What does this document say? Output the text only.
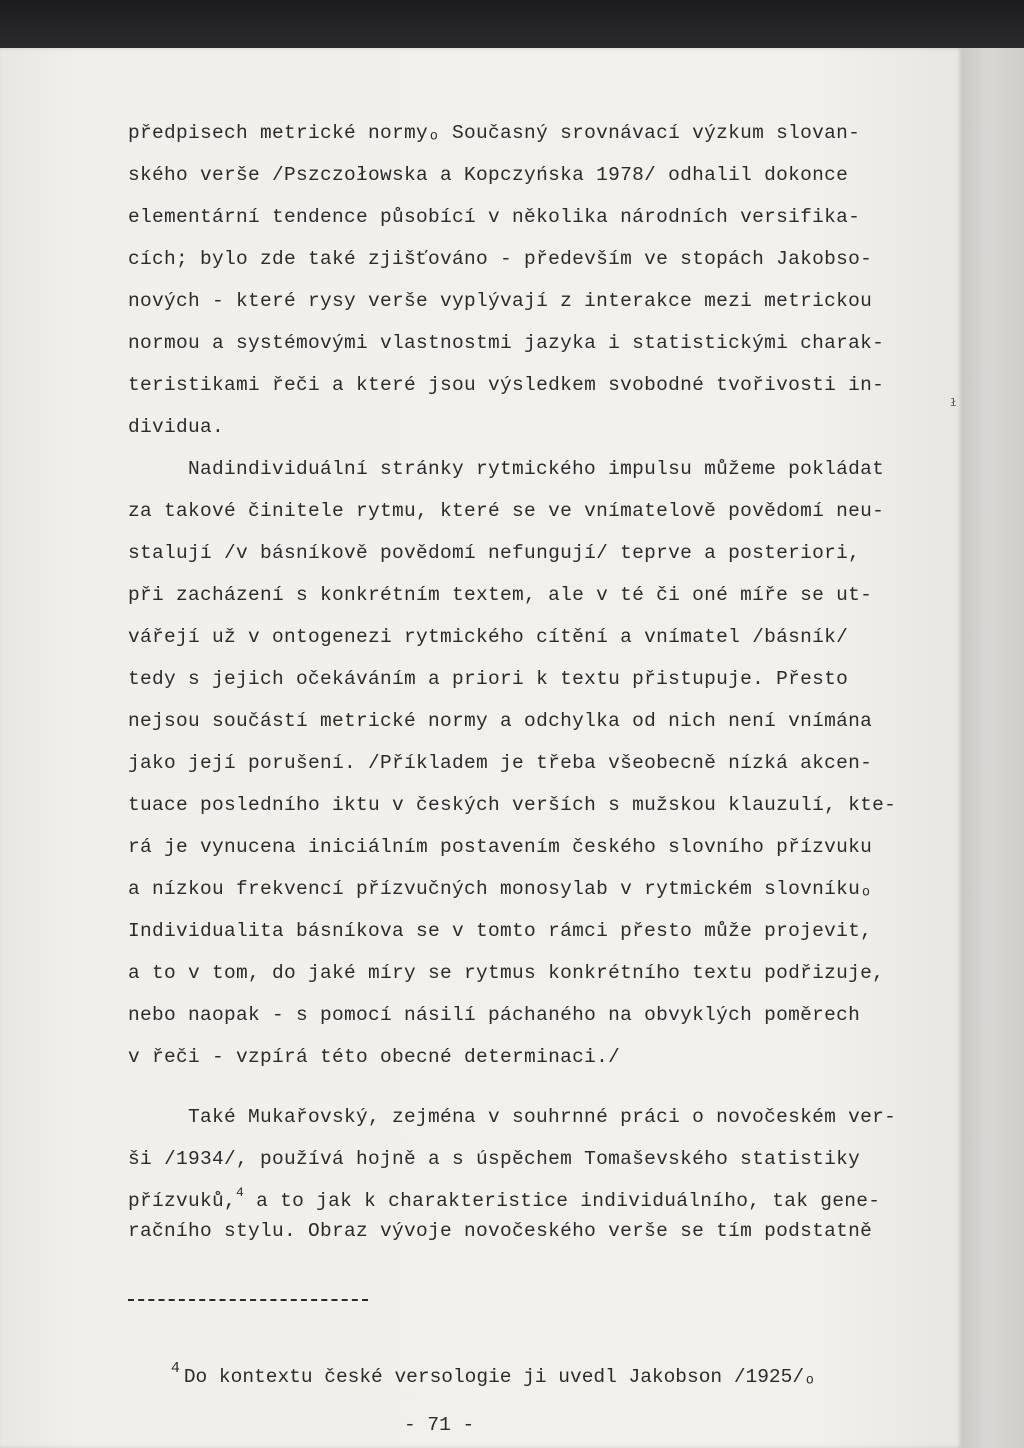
předpisech metrické normyₒ Současný srovnávací výzkum slovan-

ského verše /Pszczołowska a Kopczyńska 1978/ odhalil dokonce

elementární tendence působící v několika národních versifika-

cích; bylo zde také zjišťováno - především ve stopách Jakobso-

nových - které rysy verše vyplývají z interakce mezi metrickou

normou a systémovými vlastnostmi jazyka i statistickými charak-

teristikami řeči a které jsou výsledkem svobodné tvořivosti in-

dividua.

Nadindividuální stránky rytmického impulsu můžeme pokládat

za takové činitele rytmu, které se ve vnímatelově povědomí neu-

stalují /v básníkově povědomí nefungují/ teprve a posteriori,

při zacházení s konkrétním textem, ale v té či oné míře se ut-

vářejí už v ontogenezi rytmického cítění a vnímatel /básník/

tedy s jejich očekáváním a priori k textu přistupuje. Přesto

nejsou součástí metrické normy a odchylka od nich není vnímána

jako její porušení. /Příkladem je třeba všeobecně nízká akcen-

tuace posledního iktu v českých verších s mužskou klauzulí, kte-

rá je vynucena iniciálním postavením českého slovního přízvuku

a nízkou frekvencí přízvučných monosylab v rytmickém slovníkuₒ

Individualita básníkova se v tomto rámci přesto může projevit,

a to v tom, do jaké míry se rytmus konkrétního textu podřizuje,

nebo naopak - s pomocí násilí páchaného na obvyklých poměrech

v řeči - vzpírá této obecné determinaci./

Také Mukařovský, zejména v souhrnné práci o novočeském ver-

ši /1934/, používá hojně a s úspěchem Tomaševského statistiky

přízvuků,$^4$ a to jak k charakteristice individuálního, tak gene-

račního stylu. Obraz vývoje novočeského verše se tím podstatně

$^4$ Do kontextu české versologie ji uvedl Jakobson /1925/ₒ

- 71 -
ł
